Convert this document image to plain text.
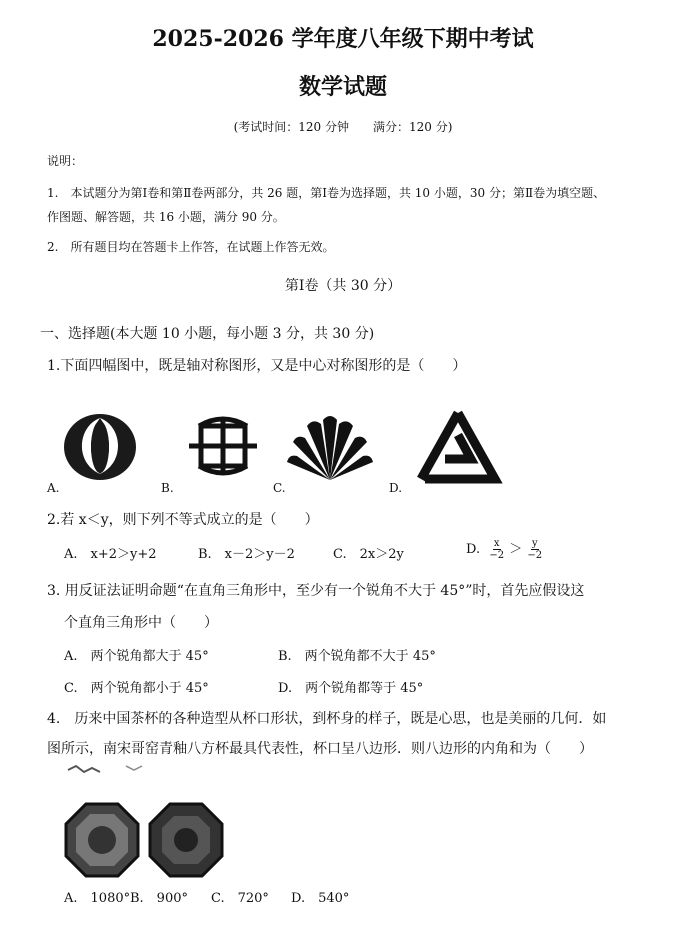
2025-2026 学年度八年级下期中考试
数学试题
(考试时间：120 分钟　　满分：120 分)
说明：
1.　本试题分为第Ⅰ卷和第Ⅱ卷两部分，共 26 题，第Ⅰ卷为选择题，共 10 小题，30 分；第Ⅱ卷为填空题、
作图题、解答题，共 16 小题，满分 90 分。
2.　所有题目均在答题卡上作答，在试题上作答无效。
第Ⅰ卷（共 30 分）
一、选择题(本大题 10 小题，每小题 3 分，共 30 分)
1.下面四幅图中，既是轴对称图形，又是中心对称图形的是（　　）
A.	B.	C.	D.
2.若 x＜y，则下列不等式成立的是（　　）
A.　x+2＞y+2	B.　x－2＞y－2	C.　2x＞2y	D. $\frac{x}{-2} > \frac{y}{-2}$
3. 用反证法证明命题“在直角三角形中，至少有一个锐角不大于 45°”时，首先应假设这
个直角三角形中（　　）
A.　两个锐角都大于 45°	B.　两个锐角都不大于 45°
C.　两个锐角都小于 45°	D.　两个锐角都等于 45°
4.　历来中国茶杯的各种造型从杯口形状，到杯身的样子，既是心思，也是美丽的几何．如
图所示，南宋哥窑青釉八方杯最具代表性，杯口呈八边形．则八边形的内角和为（　　）
A.　1080° B.　900° C.　720° D.　540°
